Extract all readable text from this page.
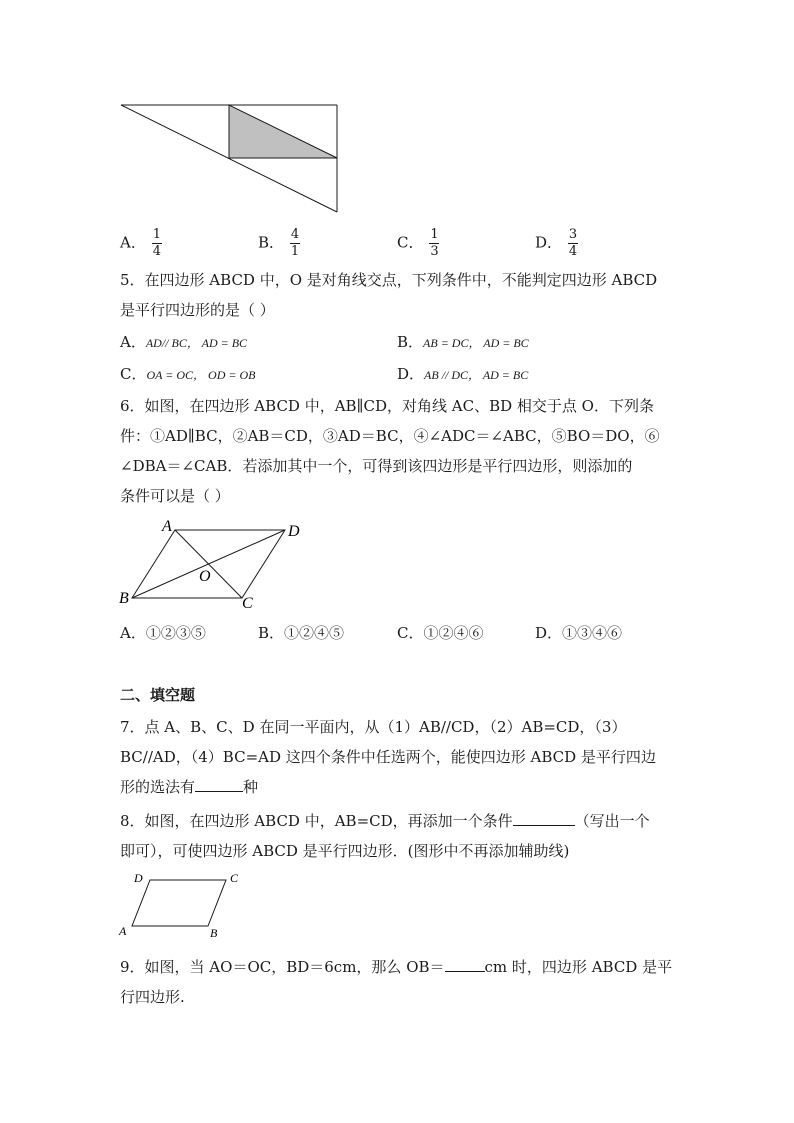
A． $\frac{1}{4}$	B． $\frac{4}{1}$	C． $\frac{1}{3}$	D． $\frac{3}{4}$
5．在四边形 ABCD 中，O 是对角线交点，下列条件中，不能判定四边形 ABCD
是平行四边形的是（ ）
A．AD// BC， AD = BC	B．AB = DC， AD = BC
C．OA = OC， OD = OB	D．AB // DC， AD = BC
6．如图，在四边形 ABCD 中，AB∥CD，对角线 AC、BD 相交于点 O．下列条
件：①AD∥BC，②AB＝CD，③AD＝BC，④∠ADC＝∠ABC，⑤BO＝DO，⑥
∠DBA＝∠CAB．若添加其中一个，可得到该四边形是平行四边形，则添加的
条件可以是（ ）
A	D
B	C
O
A．①②③⑤	B．①②④⑤	C．①②④⑥	D．①③④⑥
二、填空题
7．点 A、B、C、D 在同一平面内，从（1）AB//CD，（2）AB=CD，（3）
BC//AD，（4）BC=AD 这四个条件中任选两个，能使四边形 ABCD 是平行四边
形的选法有	种
8．如图，在四边形 ABCD 中，AB=CD，再添加一个条件	（写出一个
即可），可使四边形 ABCD 是平行四边形．(图形中不再添加辅助线)
D	C
A	B
9．如图，当 AO＝OC，BD＝6cm，那么 OB＝	cm 时，四边形 ABCD 是平
行四边形.
